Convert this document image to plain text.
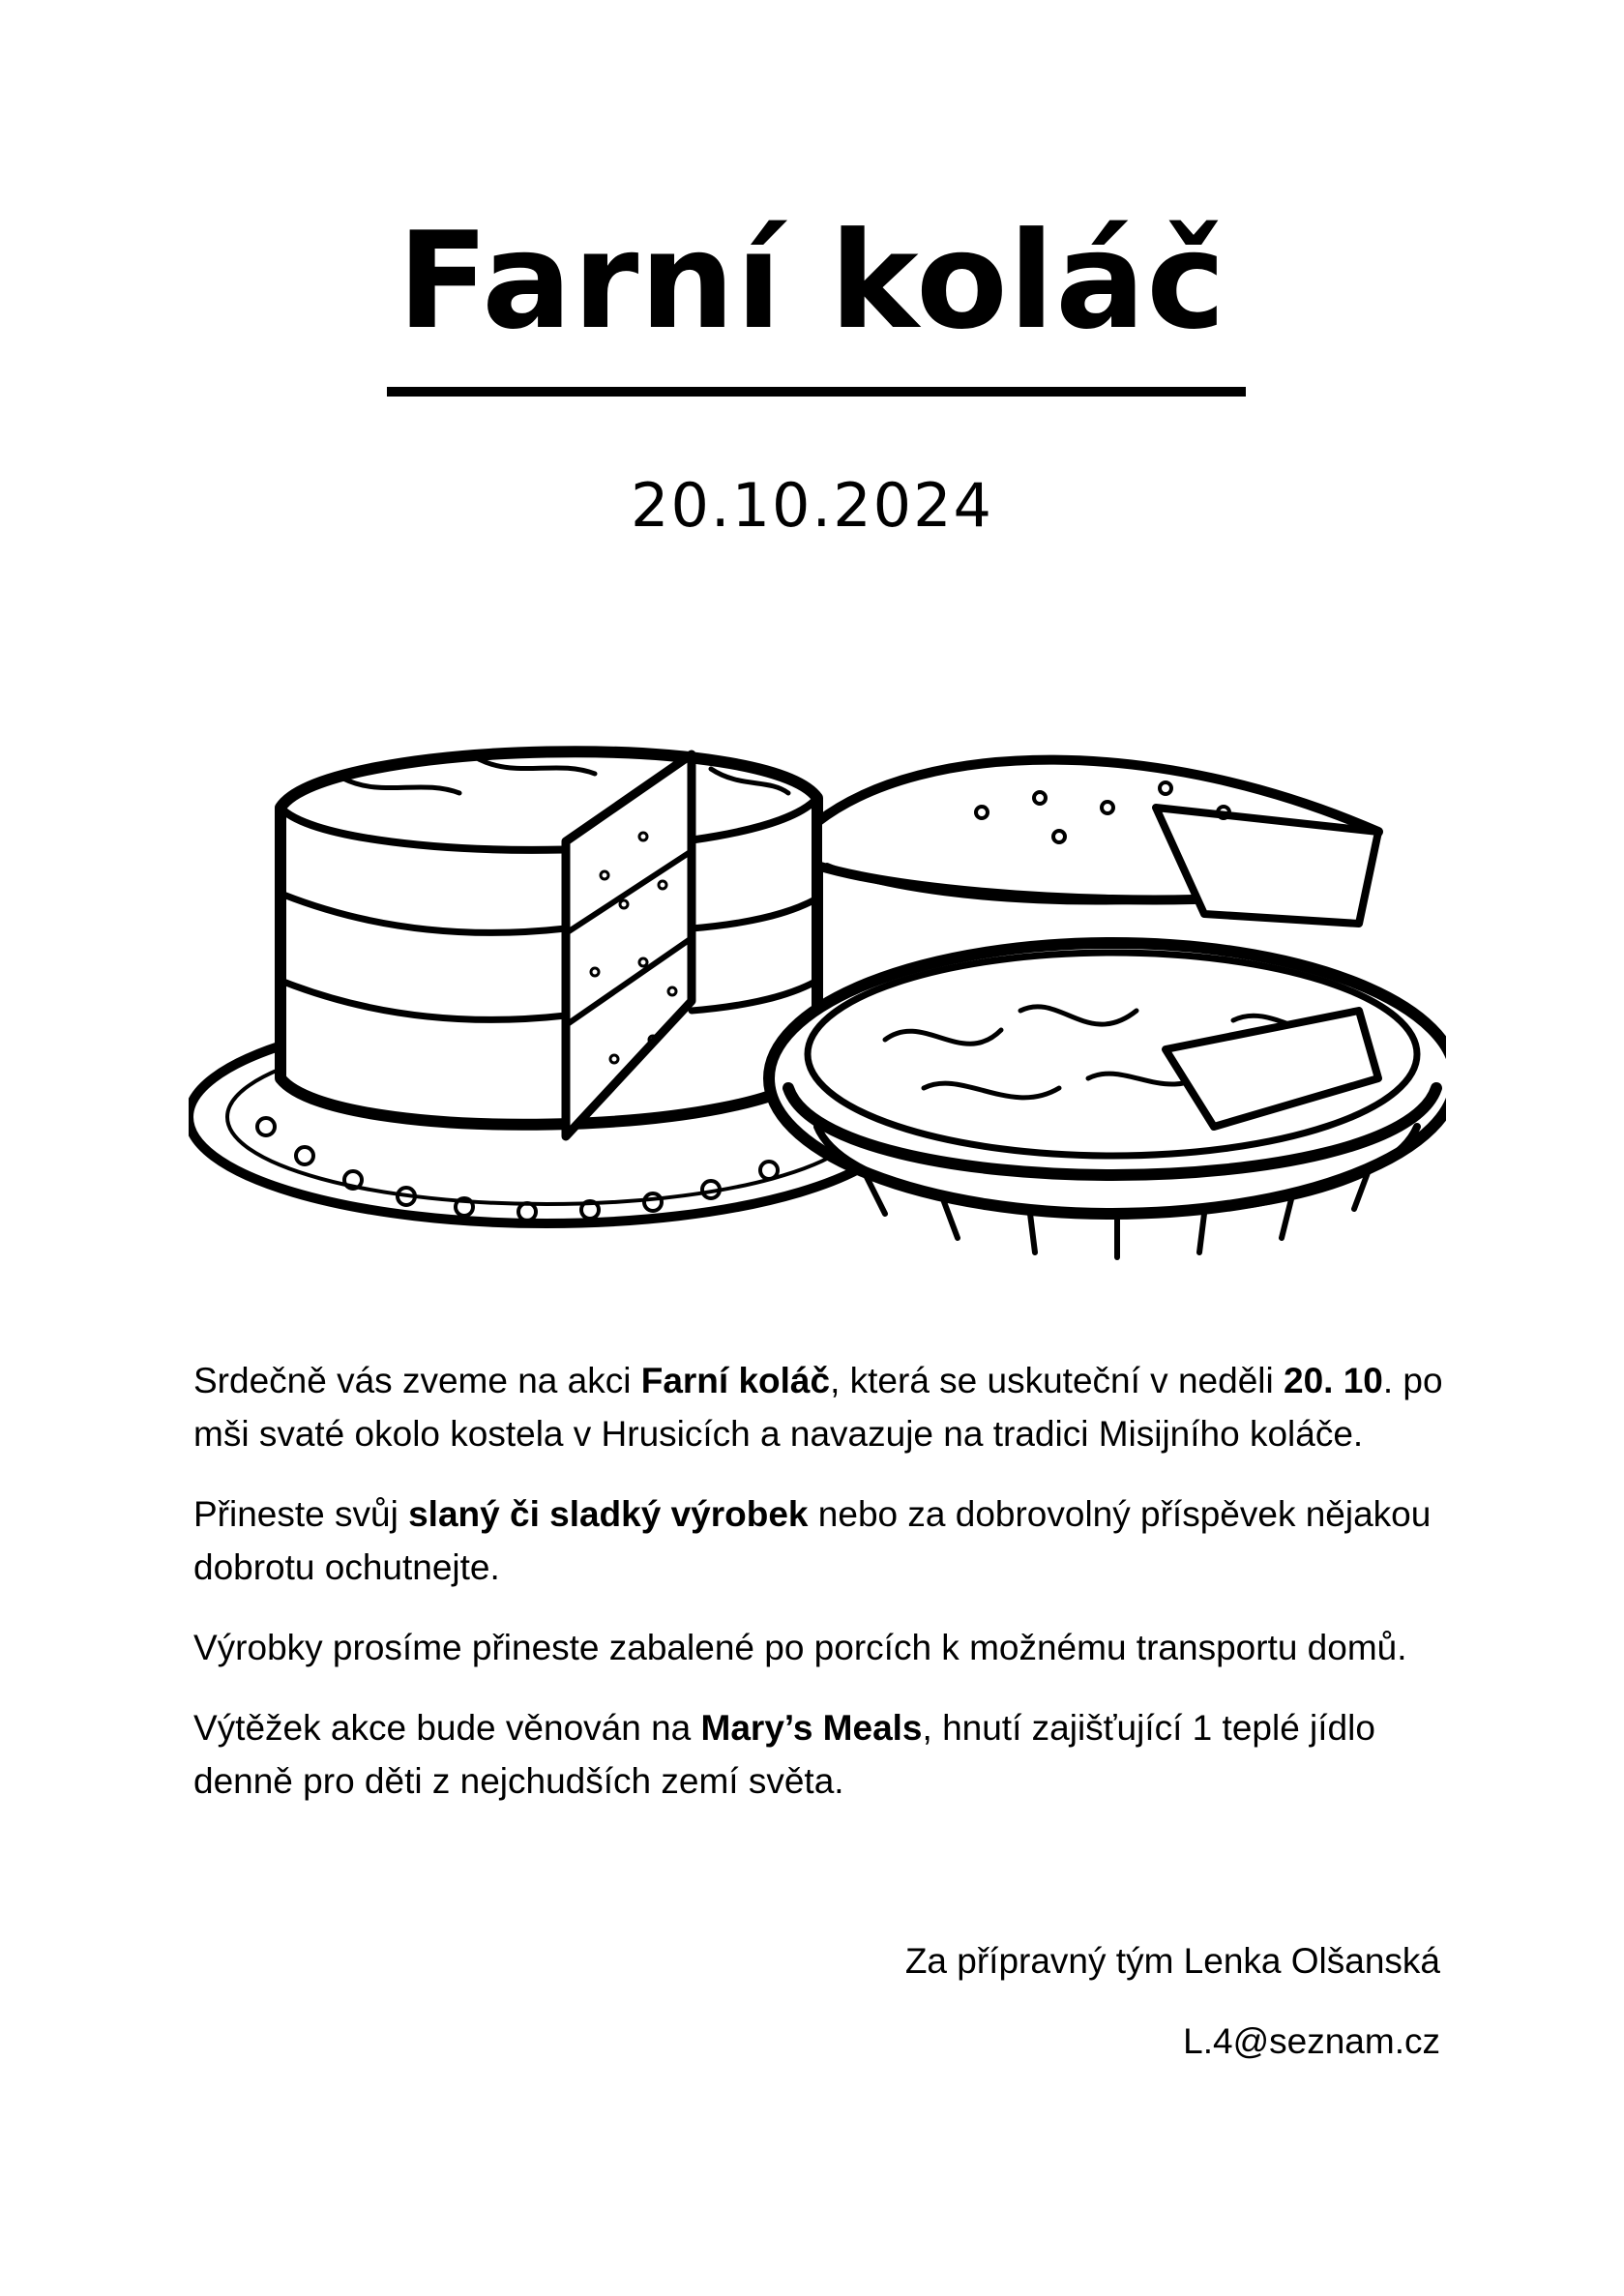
Farní koláč
20.10.2024

Srdečně vás zveme na akci Farní koláč, která se uskuteční v neděli 20. 10. po mši svaté okolo kostela v Hrusicích a navazuje na tradici Misijního koláče.

Přineste svůj slaný či sladký výrobek nebo za dobrovolný příspěvek nějakou dobrotu ochutnejte.

Výrobky prosíme přineste zabalené po porcích k možnému transportu domů.

Výtěžek akce bude věnován na Mary’s Meals, hnutí zajišťující 1 teplé jídlo denně pro děti z nejchudších zemí světa.

Za přípravný tým Lenka Olšanská
L.4@seznam.cz
